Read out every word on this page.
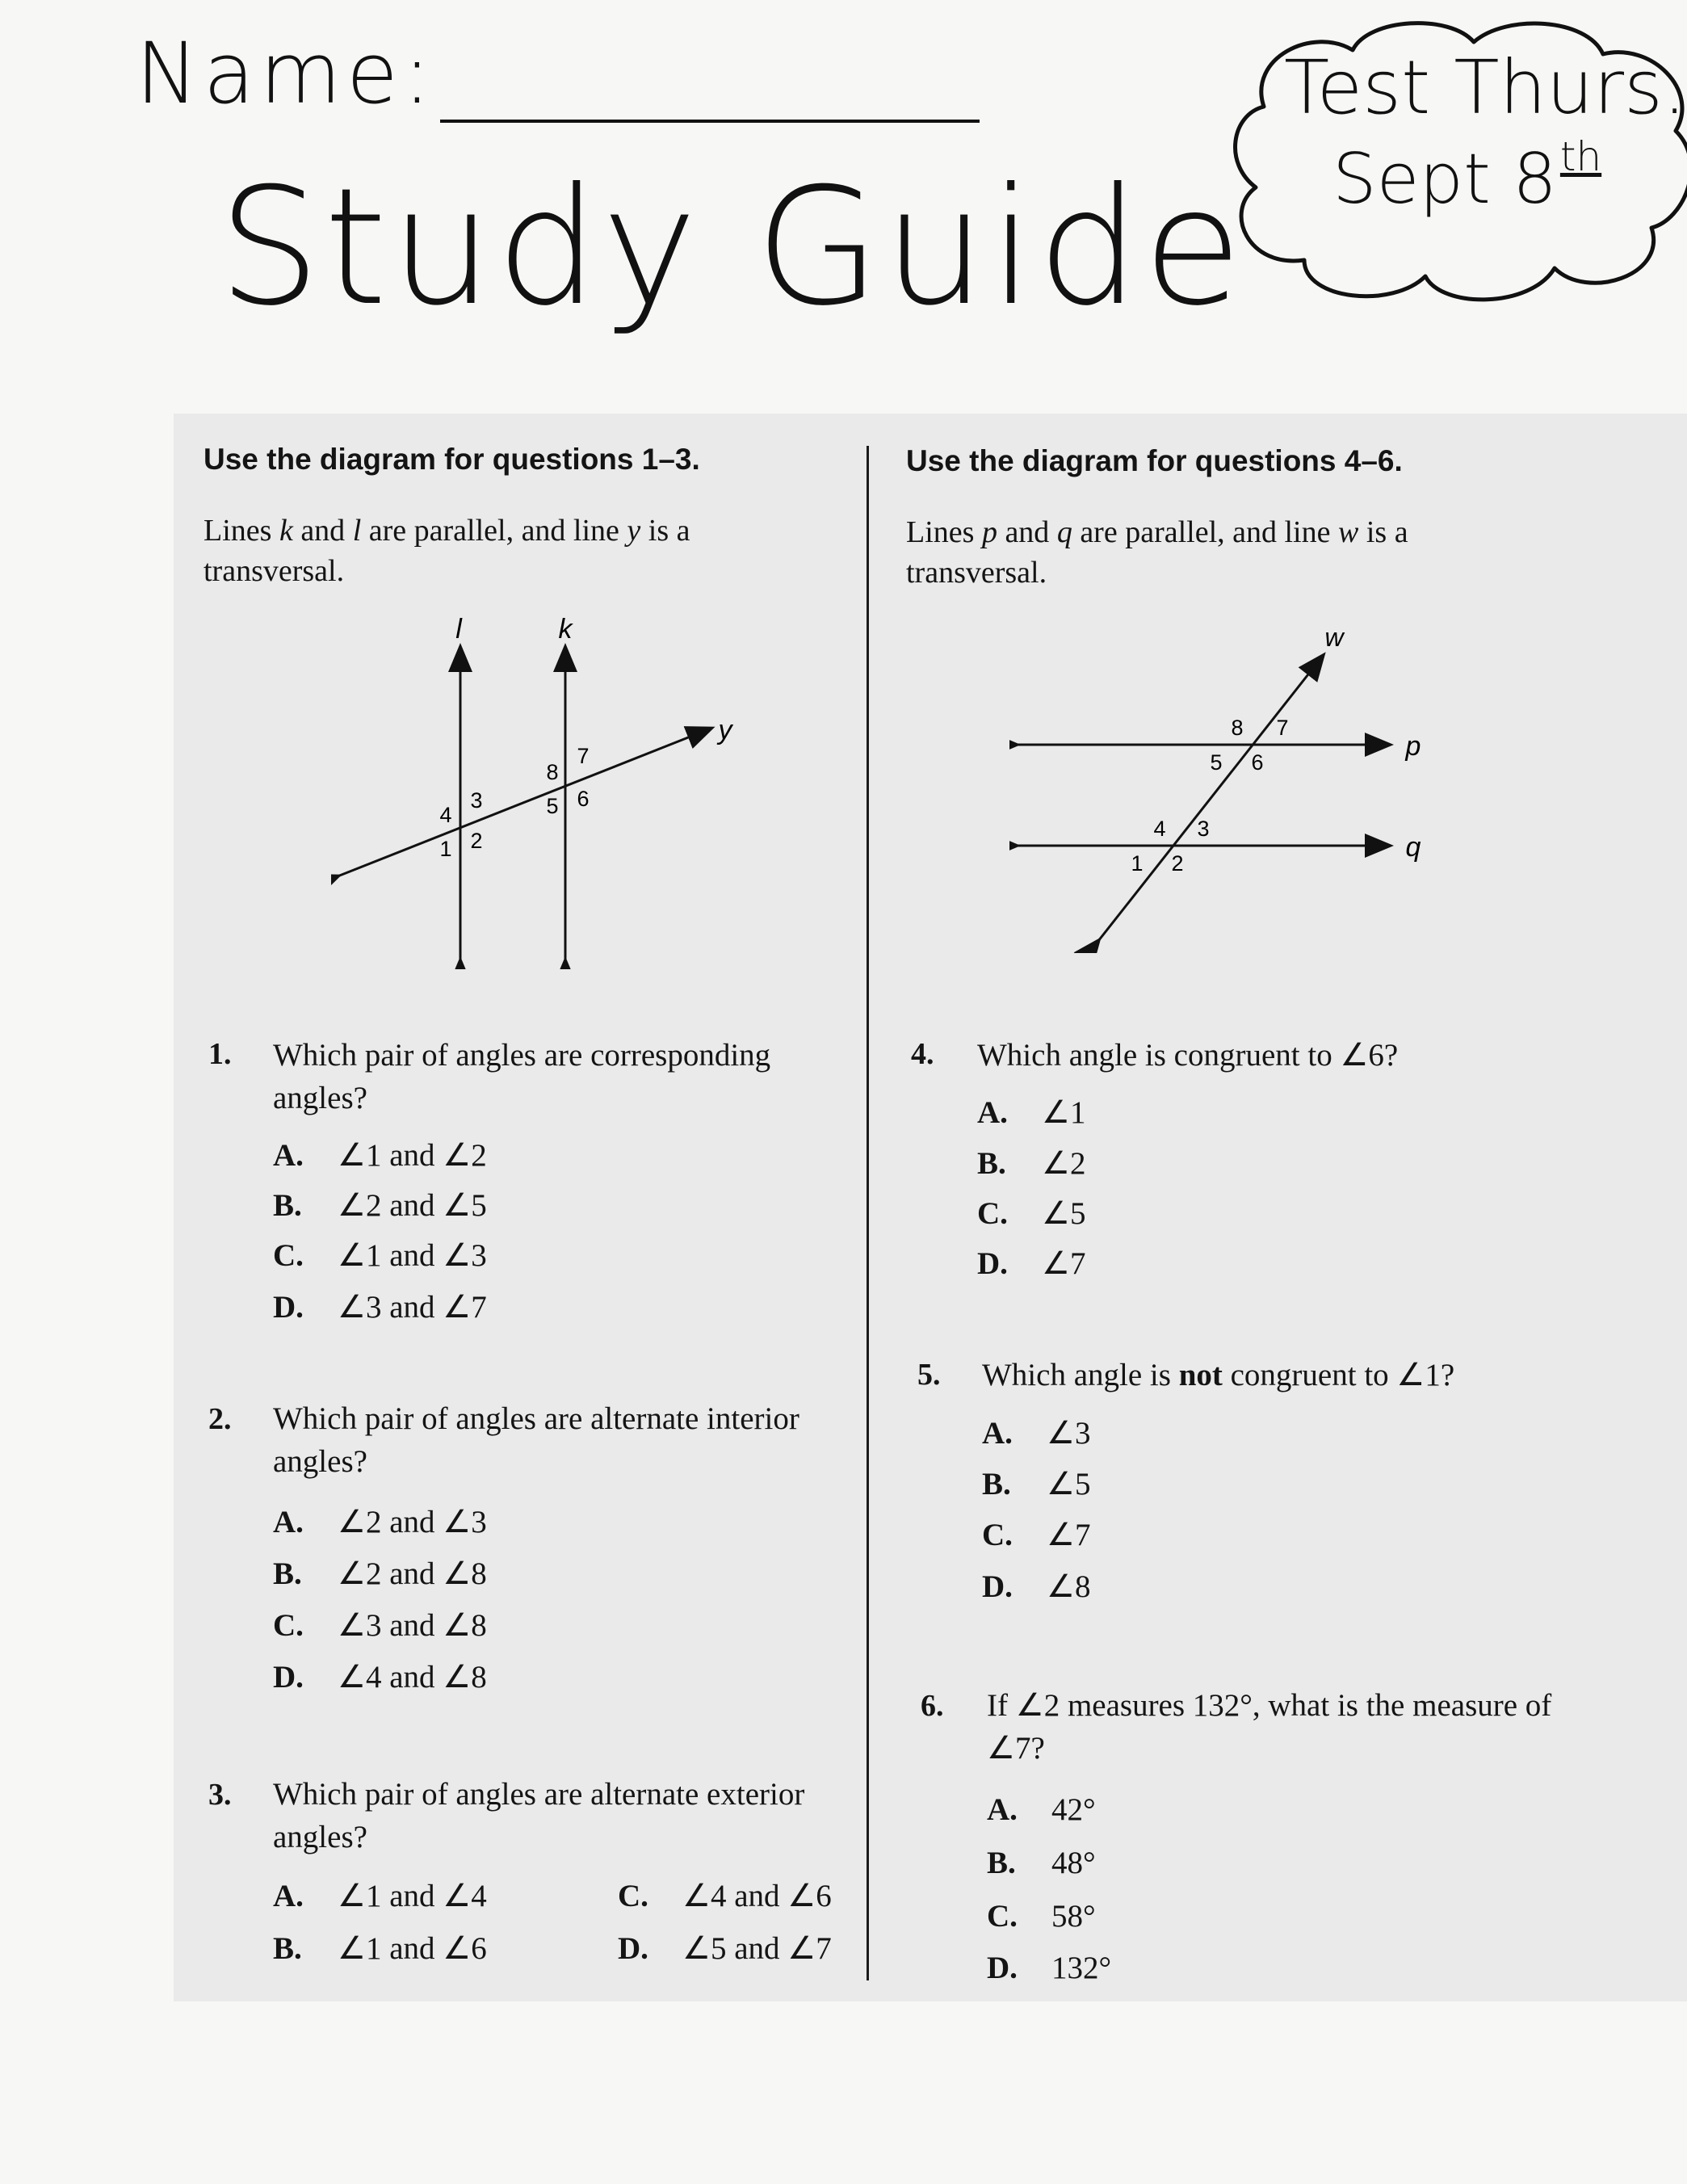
Name:
Study Guide
Test Thurs.
Sept 8th
Use the diagram for questions 1–3.
Lines k and l are parallel, and line y is a transversal.
l	k
y
4
3
1 2
8
7
5 6
1. Which pair of angles are corresponding angles?
A. ∠1 and ∠2
B. ∠2 and ∠5
C. ∠1 and ∠3
D. ∠3 and ∠7
2. Which pair of angles are alternate interior angles?
A. ∠2 and ∠3
B. ∠2 and ∠8
C. ∠3 and ∠8
D. ∠4 and ∠8
3. Which pair of angles are alternate exterior angles?
A. ∠1 and ∠4
B. ∠1 and ∠6
C. ∠4 and ∠6
D. ∠5 and ∠7
Use the diagram for questions 4–6.
Lines p and q are parallel, and line w is a transversal.
w
p
q
8 7
5 6
4 3
1 2
4. Which angle is congruent to ∠6?
A. ∠1
B. ∠2
C. ∠5
D. ∠7
5. Which angle is not congruent to ∠1?
A. ∠3
B. ∠5
C. ∠7
D. ∠8
6. If ∠2 measures 132°, what is the measure of ∠7?
A. 42°
B. 48°
C. 58°
D. 132°
